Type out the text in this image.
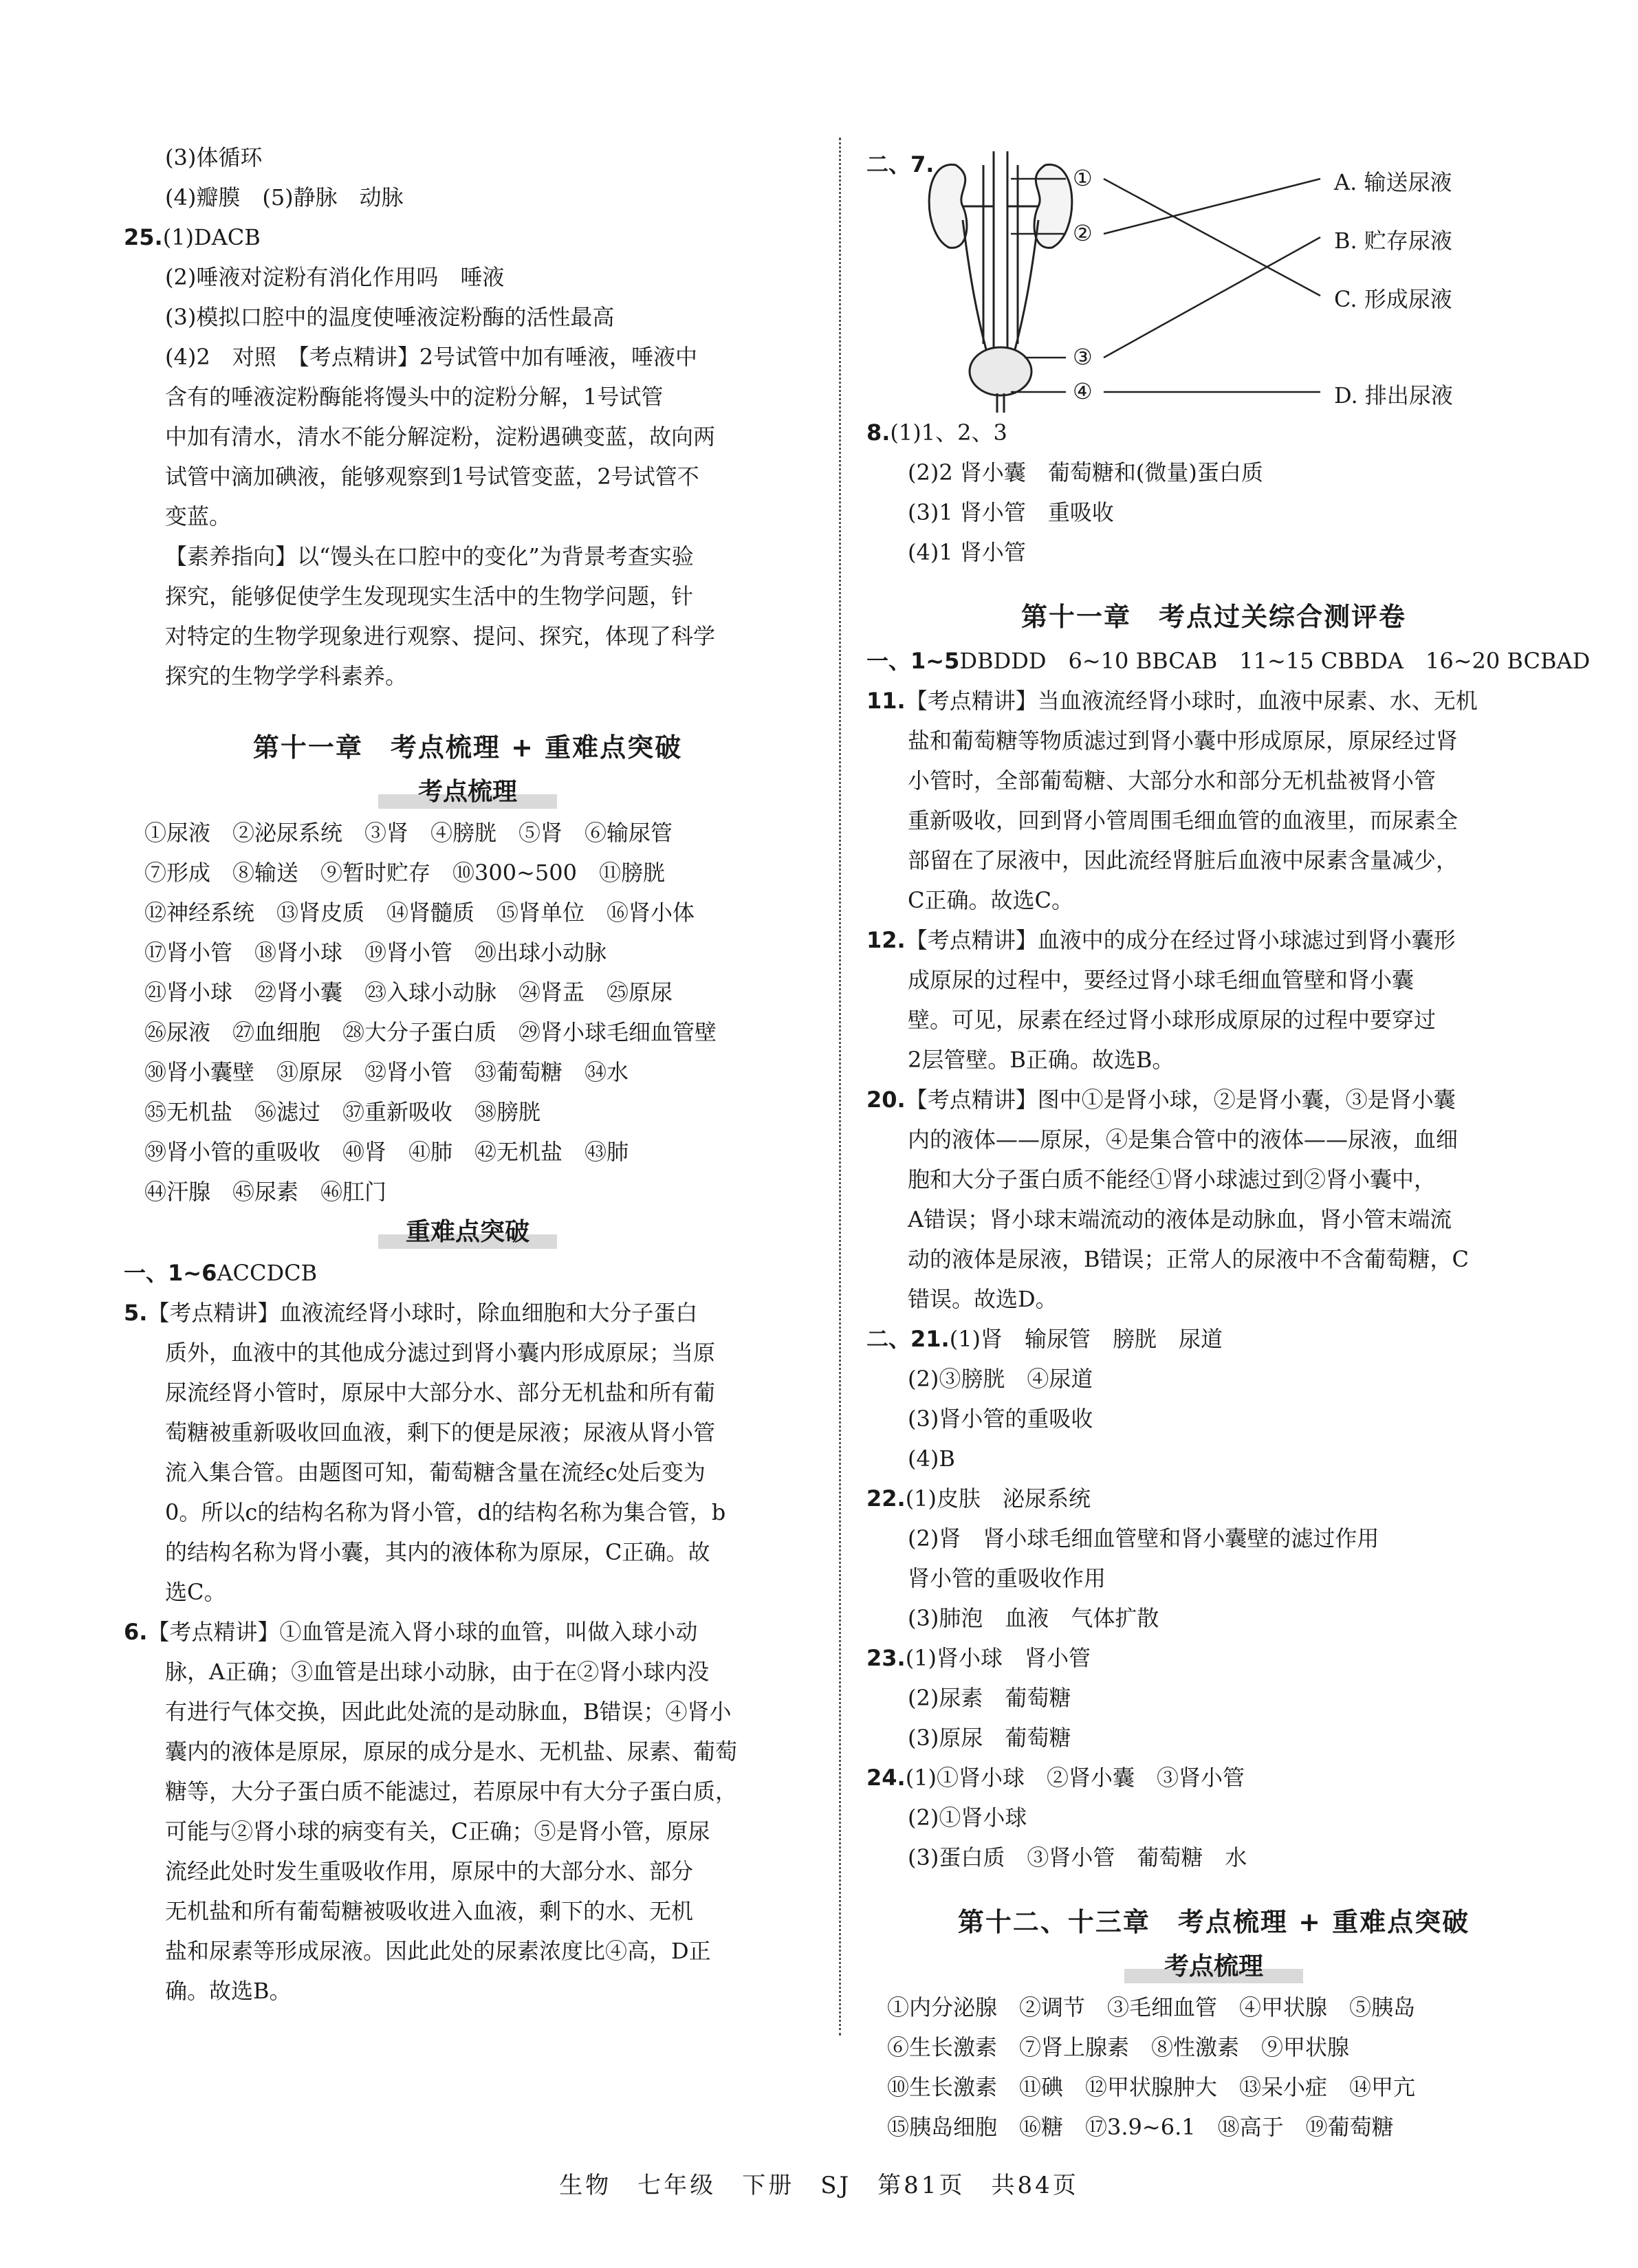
(3)体循环
(4)瓣膜　(5)静脉　动脉
25.(1)DACB
(2)唾液对淀粉有消化作用吗　唾液
(3)模拟口腔中的温度使唾液淀粉酶的活性最高
(4)2　对照　【考点精讲】2号试管中加有唾液，唾液中
含有的唾液淀粉酶能将馒头中的淀粉分解，1号试管
中加有清水，清水不能分解淀粉，淀粉遇碘变蓝，故向两
试管中滴加碘液，能够观察到1号试管变蓝，2号试管不
变蓝。
【素养指向】以“馒头在口腔中的变化”为背景考查实验
探究，能够促使学生发现现实生活中的生物学问题，针
对特定的生物学现象进行观察、提问、探究，体现了科学
探究的生物学学科素养。
第十一章　考点梳理 + 重难点突破
考点梳理
①尿液　②泌尿系统　③肾　④膀胱　⑤肾　⑥输尿管
⑦形成　⑧输送　⑨暂时贮存　⑩300~500　⑪膀胱
⑫神经系统　⑬肾皮质　⑭肾髓质　⑮肾单位　⑯肾小体
⑰肾小管　⑱肾小球　⑲肾小管　⑳出球小动脉
㉑肾小球　㉒肾小囊　㉓入球小动脉　㉔肾盂　㉕原尿
㉖尿液　㉗血细胞　㉘大分子蛋白质　㉙肾小球毛细血管壁
㉚肾小囊壁　㉛原尿　㉜肾小管　㉝葡萄糖　㉞水
㉟无机盐　㊱滤过　㊲重新吸收　㊳膀胱
㊴肾小管的重吸收　㊵肾　㊶肺　㊷无机盐　㊸肺
㊹汗腺　㊺尿素　㊻肛门
重难点突破
一、1~6ACCDCB
5.【考点精讲】血液流经肾小球时，除血细胞和大分子蛋白
质外，血液中的其他成分滤过到肾小囊内形成原尿；当原
尿流经肾小管时，原尿中大部分水、部分无机盐和所有葡
萄糖被重新吸收回血液，剩下的便是尿液；尿液从肾小管
流入集合管。由题图可知，葡萄糖含量在流经c处后变为
0。所以c的结构名称为肾小管，d的结构名称为集合管，b
的结构名称为肾小囊，其内的液体称为原尿，C正确。故
选C。
6.【考点精讲】①血管是流入肾小球的血管，叫做入球小动
脉，A正确；③血管是出球小动脉，由于在②肾小球内没
有进行气体交换，因此此处流的是动脉血，B错误；④肾小
囊内的液体是原尿，原尿的成分是水、无机盐、尿素、葡萄
糖等，大分子蛋白质不能滤过，若原尿中有大分子蛋白质，
可能与②肾小球的病变有关，C正确；⑤是肾小管，原尿
流经此处时发生重吸收作用，原尿中的大部分水、部分
无机盐和所有葡萄糖被吸收进入血液，剩下的水、无机
盐和尿素等形成尿液。因此此处的尿素浓度比④高，D正
确。故选B。
二、7.
①
②
③
④
A. 输送尿液
B. 贮存尿液
C. 形成尿液
D. 排出尿液
8.(1)1、2、3
(2)2 肾小囊　葡萄糖和(微量)蛋白质
(3)1 肾小管　重吸收
(4)1 肾小管
第十一章　考点过关综合测评卷
一、1~5DBDDD　6~10 BBCAB　11~15 CBBDA　16~20 BCBAD
11.【考点精讲】当血液流经肾小球时，血液中尿素、水、无机
盐和葡萄糖等物质滤过到肾小囊中形成原尿，原尿经过肾
小管时，全部葡萄糖、大部分水和部分无机盐被肾小管
重新吸收，回到肾小管周围毛细血管的血液里，而尿素全
部留在了尿液中，因此流经肾脏后血液中尿素含量减少，
C正确。故选C。
12.【考点精讲】血液中的成分在经过肾小球滤过到肾小囊形
成原尿的过程中，要经过肾小球毛细血管壁和肾小囊
壁。可见，尿素在经过肾小球形成原尿的过程中要穿过
2层管壁。B正确。故选B。
20.【考点精讲】图中①是肾小球，②是肾小囊，③是肾小囊
内的液体——原尿，④是集合管中的液体——尿液，血细
胞和大分子蛋白质不能经①肾小球滤过到②肾小囊中，
A错误；肾小球末端流动的液体是动脉血，肾小管末端流
动的液体是尿液，B错误；正常人的尿液中不含葡萄糖，C
错误。故选D。
二、21.(1)肾　输尿管　膀胱　尿道
(2)③膀胱　④尿道
(3)肾小管的重吸收
(4)B
22.(1)皮肤　泌尿系统
(2)肾　肾小球毛细血管壁和肾小囊壁的滤过作用
肾小管的重吸收作用
(3)肺泡　血液　气体扩散
23.(1)肾小球　肾小管
(2)尿素　葡萄糖
(3)原尿　葡萄糖
24.(1)①肾小球　②肾小囊　③肾小管
(2)①肾小球
(3)蛋白质　③肾小管　葡萄糖　水
第十二、十三章　考点梳理 + 重难点突破
考点梳理
①内分泌腺　②调节　③毛细血管　④甲状腺　⑤胰岛
⑥生长激素　⑦肾上腺素　⑧性激素　⑨甲状腺
⑩生长激素　⑪碘　⑫甲状腺肿大　⑬呆小症　⑭甲亢
⑮胰岛细胞　⑯糖　⑰3.9~6.1　⑱高于　⑲葡萄糖
生物　七年级　下册　SJ　第81页　共84页
